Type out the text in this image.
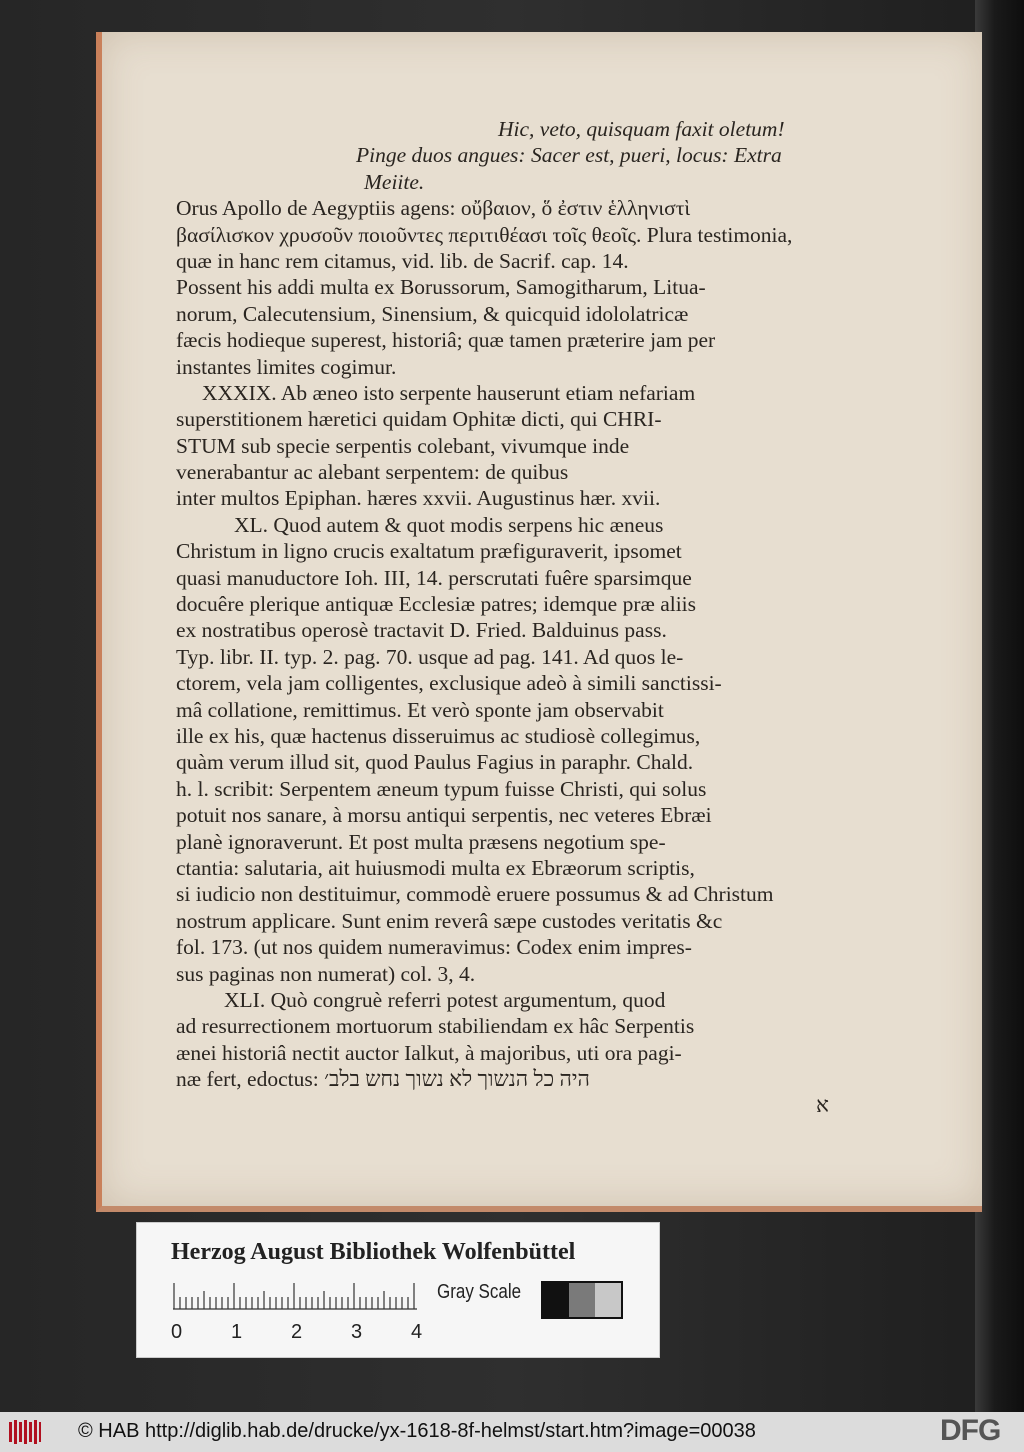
Hic, veto, quisquam faxit oletum!
Pinge duos angues: Sacer est, pueri, locus: Extra
Meiite.
Orus Apollo de Aegyptiis agens: οὔβαιον, ὅ ἐστιν ἑλληνιστὶ
βασίλισκον χρυσοῦν ποιοῦντες περιτιθέασι τοῖς θεοῖς. Plura testimonia,
quæ in hanc rem citamus, vid. lib. de Sacrif. cap. 14.
Possent his addi multa ex Borussorum, Samogitharum, Litua-
norum, Calecutensium, Sinensium, & quicquid idololatricæ
fæcis hodieque superest, historiâ; quæ tamen præterire jam per
instantes limites cogimur.
XXXIX. Ab æneo isto serpente hauserunt etiam nefariam
superstitionem hæretici quidam Ophitæ dicti, qui CHRI-
STUM sub specie serpentis colebant, vivumque inde
venerabantur ac alebant serpentem: de quibus
inter multos Epiphan. hæres xxvii. Augustinus hær. xvii.
XL. Quod autem & quot modis serpens hic æneus
Christum in ligno crucis exaltatum præfiguraverit, ipsomet
quasi manuductore Ioh. III, 14. perscrutati fuêre sparsimque
docuêre plerique antiquæ Ecclesiæ patres; idemque præ aliis
ex nostratibus operosè tractavit D. Fried. Balduinus pass.
Typ. libr. II. typ. 2. pag. 70. usque ad pag. 141. Ad quos le-
ctorem, vela jam colligentes, exclusique adeò à simili sanctissi-
mâ collatione, remittimus. Et verò sponte jam observabit
ille ex his, quæ hactenus disseruimus ac studiosè collegimus,
quàm verum illud sit, quod Paulus Fagius in paraphr. Chald.
h. l. scribit: Serpentem æneum typum fuisse Christi, qui solus
potuit nos sanare, à morsu antiqui serpentis, nec veteres Ebræi
planè ignoraverunt. Et post multa præsens negotium spe-
ctantia: salutaria, ait huiusmodi multa ex Ebræorum scriptis,
si iudicio non destituimur, commodè eruere possumus & ad Christum
nostrum applicare. Sunt enim reverâ sæpe custodes veritatis &c
fol. 173. (ut nos quidem numeravimus: Codex enim impres-
sus paginas non numerat) col. 3, 4.
XLI. Quò congruè referri potest argumentum, quod
ad resurrectionem mortuorum stabiliendam ex hâc Serpentis
ænei historiâ nectit auctor Ialkut, à majoribus, uti ora pagi-
næ fert, edoctus: היה כל הנשוך לא נשוך נחש בלב׳
א
Herzog August Bibliothek Wolfenbüttel
0 1 2 3 4
Gray Scale
© HAB http://diglib.hab.de/drucke/yx-1618-8f-helmst/start.htm?image=00038	DFG
